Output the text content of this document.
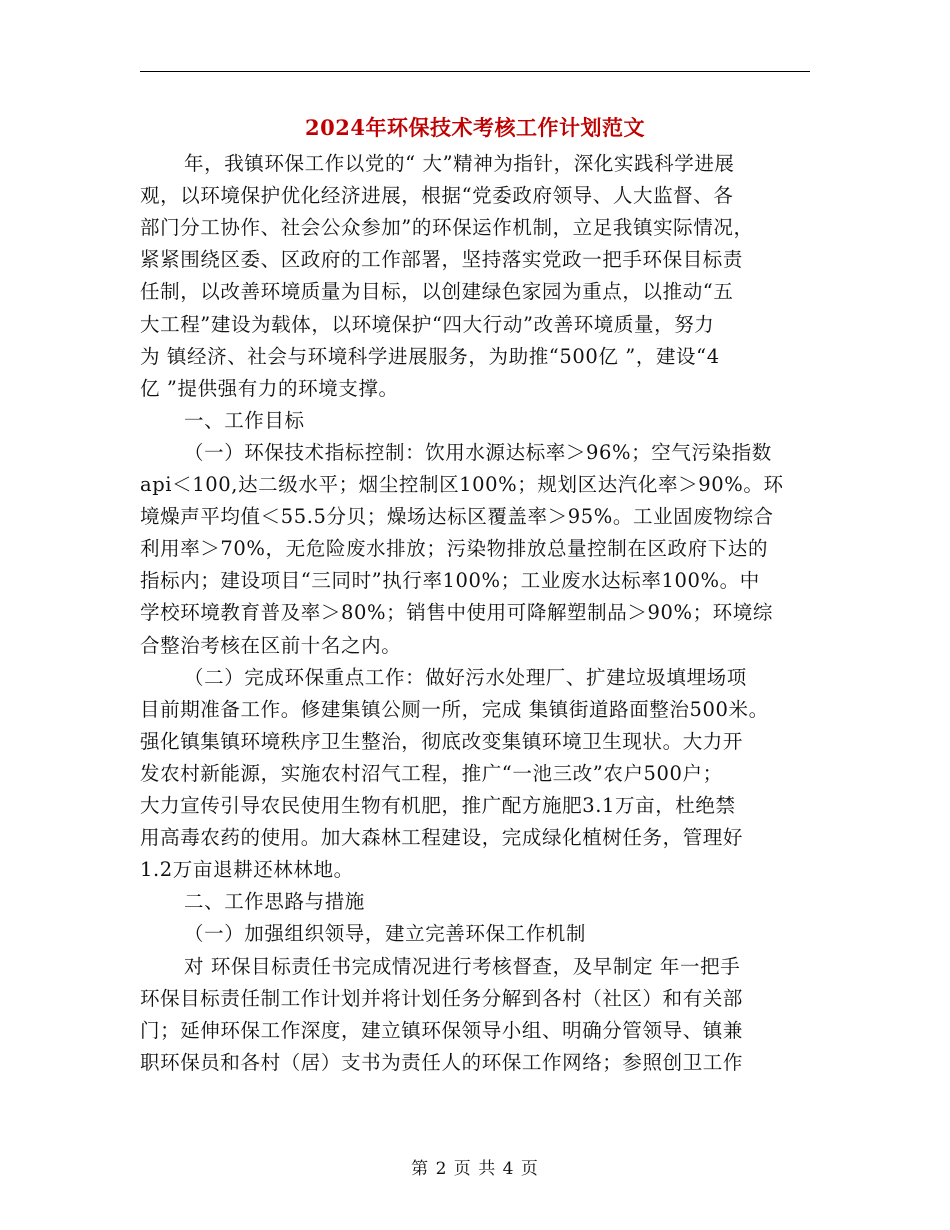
2024年环保技术考核工作计划范文
年，我镇环保工作以党的“ 大”精神为指针，深化实践科学进展
观，以环境保护优化经济进展，根据“党委政府领导、人大监督、各
部门分工协作、社会公众参加”的环保运作机制，立足我镇实际情况，
紧紧围绕区委、区政府的工作部署，坚持落实党政一把手环保目标责
任制，以改善环境质量为目标，以创建绿色家园为重点，以推动“五
大工程”建设为载体，以环境保护“四大行动”改善环境质量，努力
为 镇经济、社会与环境科学进展服务，为助推“500亿 ”，建设“4
亿 ”提供强有力的环境支撑。
一、工作目标
（一）环保技术指标控制：饮用水源达标率＞96%；空气污染指数
api＜100,达二级水平；烟尘控制区100%；规划区达汽化率＞90%。环
境燥声平均值＜55.5分贝；燥场达标区覆盖率＞95%。工业固废物综合
利用率＞70%，无危险废水排放；污染物排放总量控制在区政府下达的
指标内；建设项目“三同时”执行率100%；工业废水达标率100%。中
学校环境教育普及率＞80%；销售中使用可降解塑制品＞90%；环境综
合整治考核在区前十名之内。
（二）完成环保重点工作：做好污水处理厂、扩建垃圾填埋场项
目前期准备工作。修建集镇公厕一所，完成 集镇街道路面整治500米。
强化镇集镇环境秩序卫生整治，彻底改变集镇环境卫生现状。大力开
发农村新能源，实施农村沼气工程，推广“一池三改”农户500户；
大力宣传引导农民使用生物有机肥，推广配方施肥3.1万亩，杜绝禁
用高毒农药的使用。加大森林工程建设，完成绿化植树任务，管理好
1.2万亩退耕还林林地。
二、工作思路与措施
（一）加强组织领导，建立完善环保工作机制
对 环保目标责任书完成情况进行考核督查，及早制定 年一把手
环保目标责任制工作计划并将计划任务分解到各村（社区）和有关部
门；延伸环保工作深度，建立镇环保领导小组、明确分管领导、镇兼
职环保员和各村（居）支书为责任人的环保工作网络；参照创卫工作
第 2 页 共 4 页
